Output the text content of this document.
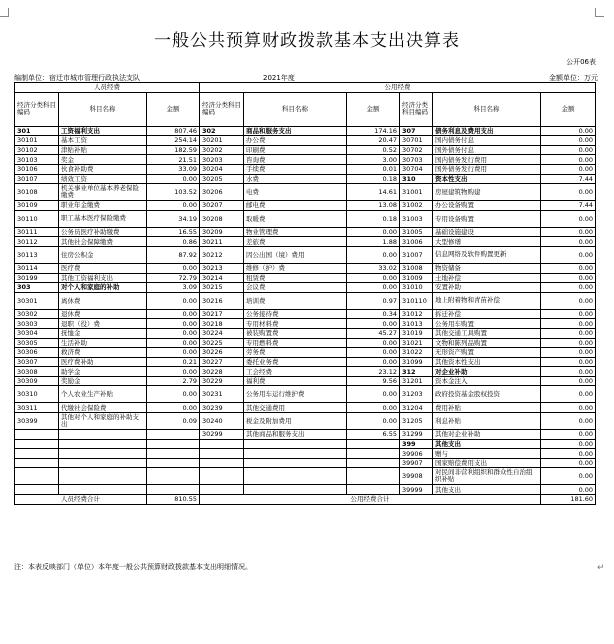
一般公共预算财政拨款基本支出决算表
公开06表
编制单位：宿迁市城市管理行政执法支队	2021年度	金额单位：万元
人员经费			公用经费					
经济分类科目编码	科目名称	金额	经济分类科目编码	科目名称	金额	经济分类科目编码	科目名称	金额
301	工资福利支出	807.46	302	商品和服务支出	174.16	307	债务利息及费用支出	0.00
30101	基本工资	254.14	30201	办公费	20.47	30701	国内债务付息	0.00
30102	津贴补贴	182.59	30202	印刷费	0.52	30702	国外债务付息	0.00
30103	奖金	21.51	30203	咨询费	3.00	30703	国内债务发行费用	0.00
30106	伙食补助费	33.09	30204	手续费	0.01	30704	国外债务发行费用	0.00
30107	绩效工资	0.00	30205	水费	0.18	310	资本性支出	7.44
30108	机关事业单位基本养老保险缴费	103.52	30206	电费	14.61	31001	房屋建筑物购建	0.00
30109	职业年金缴费	0.00	30207	邮电费	13.08	31002	办公设备购置	7.44
30110	职工基本医疗保险缴费	34.19	30208	取暖费	0.18	31003	专用设备购置	0.00
30111	公务员医疗补助缴费	16.55	30209	物业管理费	0.00	31005	基础设施建设	0.00
30112	其他社会保障缴费	0.86	30211	差旅费	1.88	31006	大型修缮	0.00
30113	住房公积金	87.92	30212	因公出国（境）费用	0.00	31007	信息网络及软件购置更新	0.00
30114	医疗费	0.00	30213	维修（护）费	33.02	31008	物资储备	0.00
30199	其他工资福利支出	72.79	30214	租赁费	0.00	31009	土地补偿	0.00
303	对个人和家庭的补助	3.09	30215	会议费	0.00	31010	安置补助	0.00
30301	离休费	0.00	30216	培训费	0.97	310110	地上附着物和青苗补偿	0.00
30302	退休费	0.00	30217	公务接待费	0.34	31012	拆迁补偿	0.00
30303	退职（役）费	0.00	30218	专用材料费	0.00	31013	公务用车购置	0.00
30304	抚恤金	0.00	30224	被装购置费	45.27	31019	其他交通工具购置	0.00
30305	生活补助	0.00	30225	专用燃料费	0.00	31021	文物和陈列品购置	0.00
30306	救济费	0.00	30226	劳务费	0.00	31022	无形资产购置	0.00
30307	医疗费补助	0.21	30227	委托业务费	0.00	31099	其他资本性支出	0.00
30308	助学金	0.00	30228	工会经费	23.12	312	对企业补助	0.00
30309	奖励金	2.79	30229	福利费	9.56	31201	资本金注入	0.00
30310	个人农业生产补贴	0.00	30231	公务用车运行维护费	0.00	31203	政府投资基金股权投资	0.00
30311	代缴社会保险费	0.00	30239	其他交通费用	0.00	31204	费用补贴	0.00
30399	其他对个人和家庭的补助支出	0.09	30240	税金及附加费用	0.00	31205	利息补贴	0.00
			30299	其他商品和服务支出	6.55	31299	其他对企业补助	0.00
						399	其他支出	0.00
						39906	赠与	0.00
						39907	国家赔偿费用支出	0.00
						39908	对民间非营利组织和群众性自治组织补贴	0.00
						39999	其他支出	0.00
人员经费合计		810.55	公用经费合计					181.60
注：本表反映部门（单位）本年度一般公共预算财政拨款基本支出明细情况。	↵
